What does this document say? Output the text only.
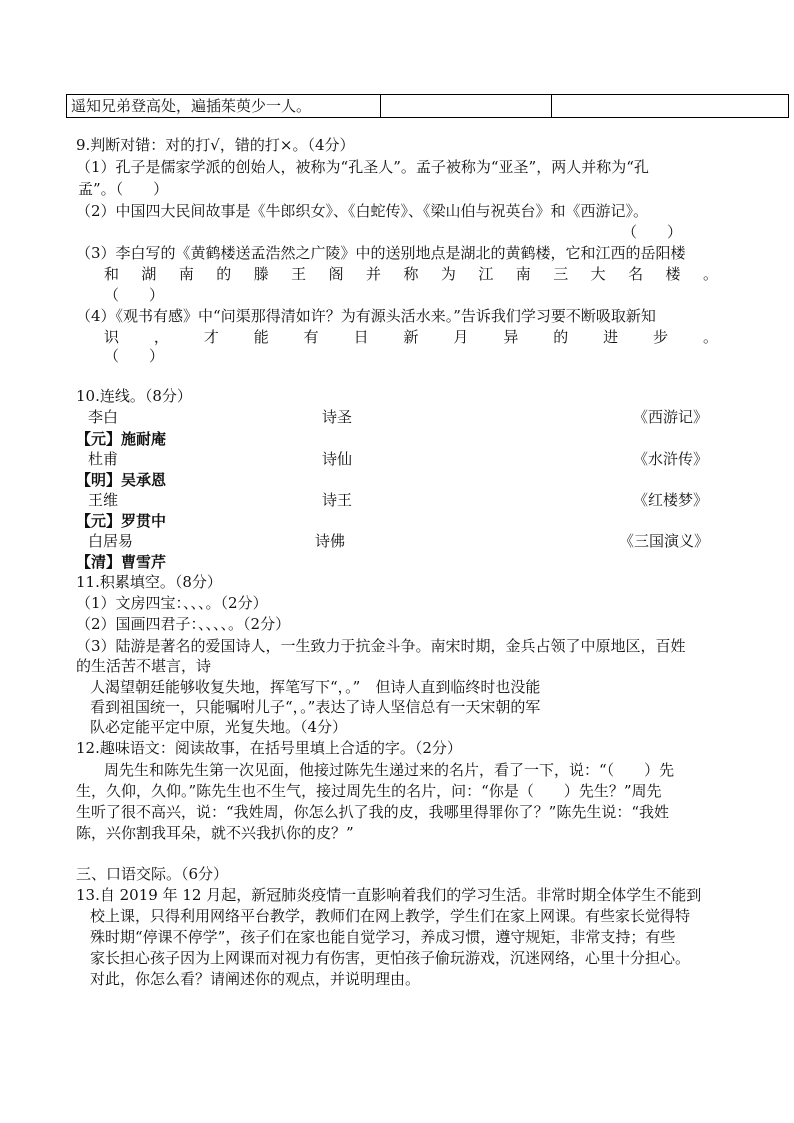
遥知兄弟登高处，遍插茱萸少一人。		

9.判断对错：对的打√，错的打×。（4分）

（1）孔子是儒家学派的创始人，被称为“孔圣人”。孟子被称为“亚圣”，两人并称为“孔

孟”。（　　）

（2）中国四大民间故事是《牛郎织女》、《白蛇传》、《梁山伯与祝英台》和《西游记》。

（　　）

（3）李白写的《黄鹤楼送孟浩然之广陵》中的送别地点是湖北的黄鹤楼，它和江西的岳阳楼

和 湖 南 的 滕 王 阁 并 称 为 江 南 三 大 名 楼 。

（　　）

（4）《观书有感》中“问渠那得清如许？为有源头活水来。”告诉我们学习要不断吸取新知

识 ， 才 能 有 日 新 月 异 的 进 步 。

（　　）

10.连线。（8分）

李白	诗圣	《西游记》

【元】施耐庵

杜甫	诗仙	《水浒传》

【明】吴承恩

王维	诗王	《红楼梦》

【元】罗贯中

白居易	诗佛	《三国演义》

【清】曹雪芹

11.积累填空。（8分）

（1）文房四宝：、、、。（2分）

（2）国画四君子：、、、、。（2分）

（3）陆游是著名的爱国诗人，一生致力于抗金斗争。南宋时期，金兵占领了中原地区，百姓

的生活苦不堪言，诗

人渴望朝廷能够收复失地，挥笔写下“，。”　但诗人直到临终时也没能

看到祖国统一，只能嘱咐儿子“，。”表达了诗人坚信总有一天宋朝的军

队必定能平定中原，光复失地。（4分）

12.趣味语文：阅读故事，在括号里填上合适的字。（2分）

周先生和陈先生第一次见面，他接过陈先生递过来的名片，看了一下，说：“（　　）先

生，久仰，久仰。”陈先生也不生气，接过周先生的名片，问：“你是（　　）先生？”周先

生听了很不高兴，说：“我姓周，你怎么扒了我的皮，我哪里得罪你了？”陈先生说：“我姓

陈，兴你割我耳朵，就不兴我扒你的皮？”

三、口语交际。（6分）

13.自 2019 年 12 月起，新冠肺炎疫情一直影响着我们的学习生活。非常时期全体学生不能到

校上课，只得利用网络平台教学，教师们在网上教学，学生们在家上网课。有些家长觉得特

殊时期“停课不停学”，孩子们在家也能自觉学习，养成习惯，遵守规矩，非常支持；有些

家长担心孩子因为上网课而对视力有伤害，更怕孩子偷玩游戏，沉迷网络，心里十分担心。

对此，你怎么看？请阐述你的观点，并说明理由。
